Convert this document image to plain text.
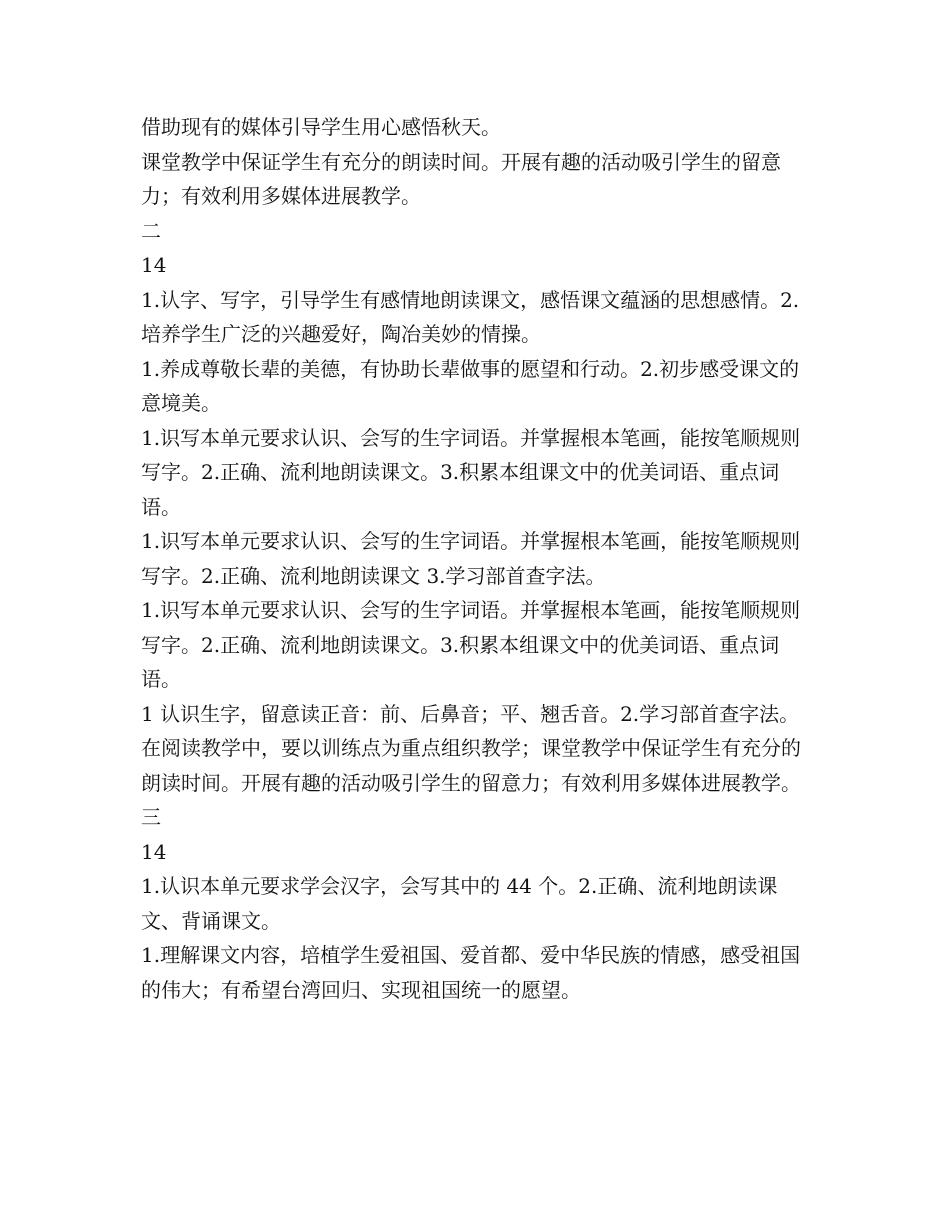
借助现有的媒体引导学生用心感悟秋天。

课堂教学中保证学生有充分的朗读时间。开展有趣的活动吸引学生的留意力；有效利用多媒体进展教学。

二

14

1.认字、写字，引导学生有感情地朗读课文，感悟课文蕴涵的思想感情。2.培养学生广泛的兴趣爱好，陶冶美妙的情操。

1.养成尊敬长辈的美德，有协助长辈做事的愿望和行动。2.初步感受课文的意境美。

1.识写本单元要求认识、会写的生字词语。并掌握根本笔画，能按笔顺规则写字。2.正确、流利地朗读课文。3.积累本组课文中的优美词语、重点词语。

1.识写本单元要求认识、会写的生字词语。并掌握根本笔画，能按笔顺规则写字。2.正确、流利地朗读课文 3.学习部首查字法。

1.识写本单元要求认识、会写的生字词语。并掌握根本笔画，能按笔顺规则写字。2.正确、流利地朗读课文。3.积累本组课文中的优美词语、重点词语。

1 认识生字，留意读正音：前、后鼻音；平、翘舌音。2.学习部首查字法。

在阅读教学中，要以训练点为重点组织教学；课堂教学中保证学生有充分的朗读时间。开展有趣的活动吸引学生的留意力；有效利用多媒体进展教学。

三

14

1.认识本单元要求学会汉字，会写其中的 44 个。2.正确、流利地朗读课文、背诵课文。

1.理解课文内容，培植学生爱祖国、爱首都、爱中华民族的情感，感受祖国的伟大；有希望台湾回归、实现祖国统一的愿望。
